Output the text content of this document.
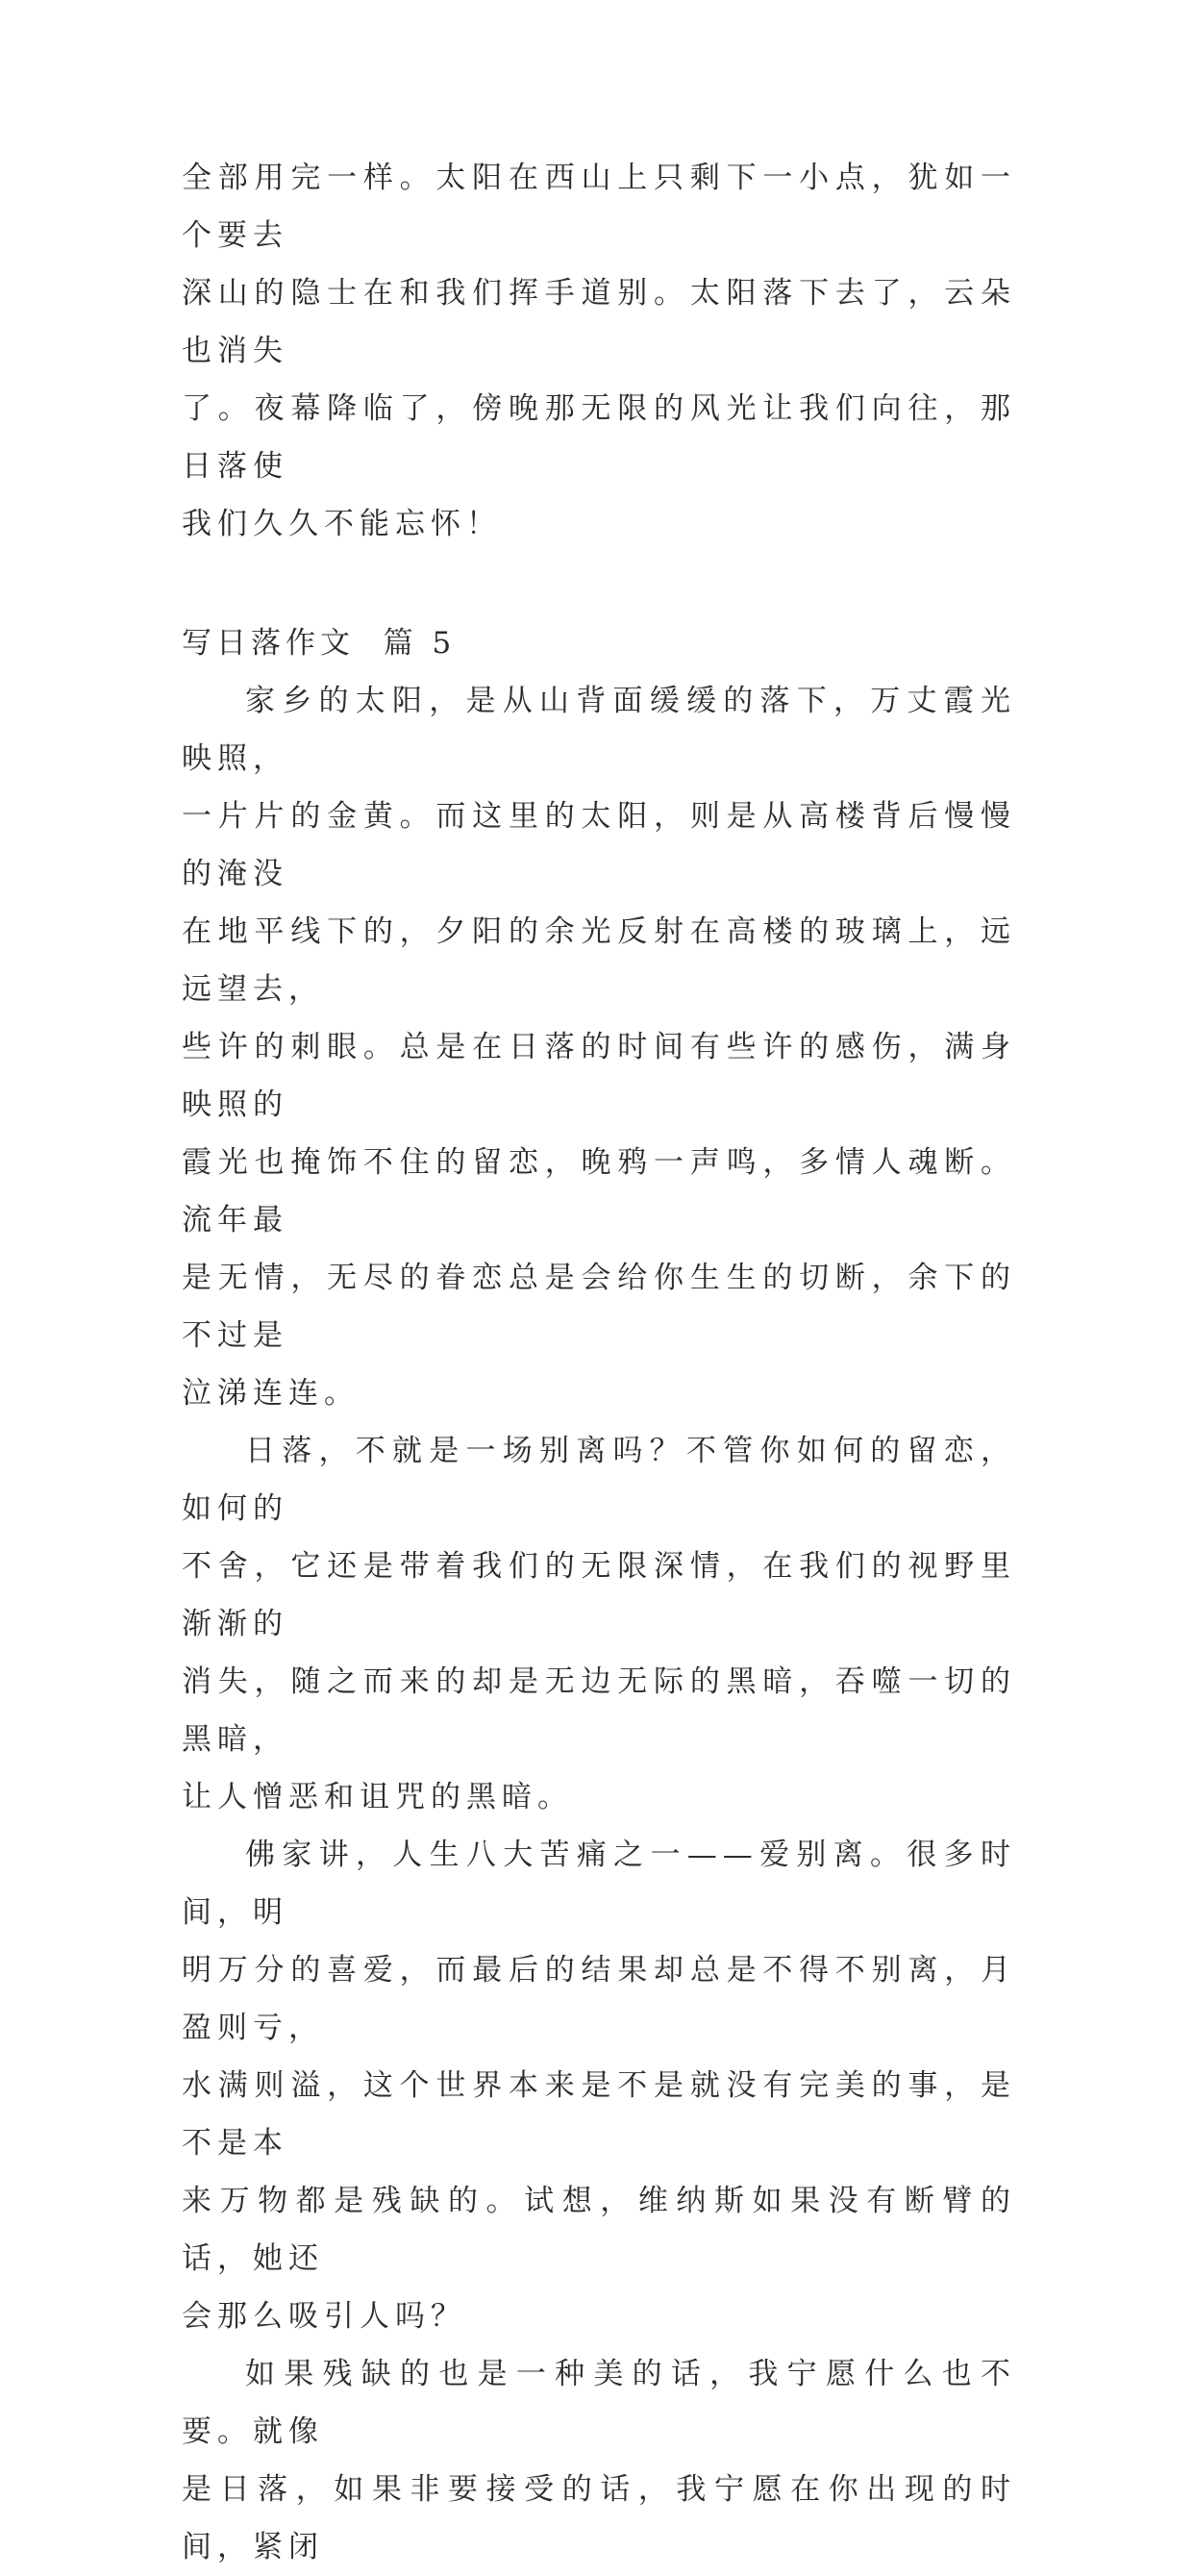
全部用完一样。太阳在西山上只剩下一小点，犹如一个要去
深山的隐士在和我们挥手道别。太阳落下去了，云朵也消失
了。夜幕降临了，傍晚那无限的风光让我们向往，那日落使
我们久久不能忘怀！

写日落作文  篇 5

家乡的太阳，是从山背面缓缓的落下，万丈霞光映照，
一片片的金黄。而这里的太阳，则是从高楼背后慢慢的淹没
在地平线下的，夕阳的余光反射在高楼的玻璃上，远远望去，
些许的刺眼。总是在日落的时间有些许的感伤，满身映照的
霞光也掩饰不住的留恋，晚鸦一声鸣，多情人魂断。流年最
是无情，无尽的眷恋总是会给你生生的切断，余下的不过是
泣涕连连。

日落，不就是一场别离吗？不管你如何的留恋，如何的
不舍，它还是带着我们的无限深情，在我们的视野里渐渐的
消失，随之而来的却是无边无际的黑暗，吞噬一切的黑暗，
让人憎恶和诅咒的黑暗。

佛家讲，人生八大苦痛之一——爱别离。很多时间，明
明万分的喜爱，而最后的结果却总是不得不别离，月盈则亏，
水满则溢，这个世界本来是不是就没有完美的事，是不是本
来万物都是残缺的。试想，维纳斯如果没有断臂的话，她还
会那么吸引人吗？

如果残缺的也是一种美的话，我宁愿什么也不要。就像
是日落，如果非要接受的话，我宁愿在你出现的时间，紧闭
